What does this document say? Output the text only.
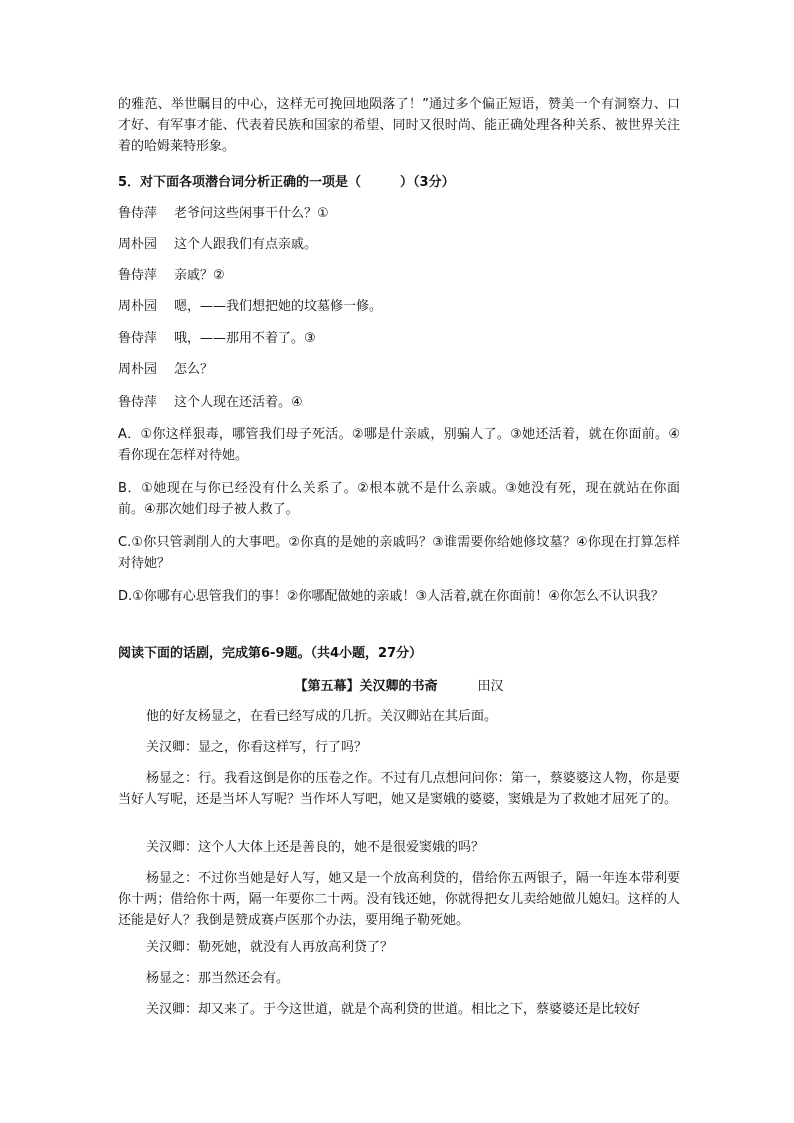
的雅范、举世瞩目的中心，这样无可挽回地陨落了！”通过多个偏正短语，赞美一个有洞察力、口才好、有军事才能、代表着民族和国家的希望、同时又很时尚、能正确处理各种关系、被世界关注着的哈姆莱特形象。
5．对下面各项潜台词分析正确的一项是（　　　）（3分）
鲁侍萍 老爷问这些闲事干什么？①
周朴园 这个人跟我们有点亲戚。
鲁侍萍 亲戚？②
周朴园 嗯，——我们想把她的坟墓修一修。
鲁侍萍 哦，——那用不着了。③
周朴园 怎么？
鲁侍萍 这个人现在还活着。④
A．①你这样狠毒，哪管我们母子死活。②哪是什亲戚，别骗人了。③她还活着，就在你面前。④看你现在怎样对待她。
B．①她现在与你已经没有什么关系了。②根本就不是什么亲戚。③她没有死，现在就站在你面前。④那次她们母子被人救了。
C.①你只管剥削人的大事吧。②你真的是她的亲戚吗？③谁需要你给她修坟墓？④你现在打算怎样对待她？
D.①你哪有心思管我们的事！②你哪配做她的亲戚！③人活着,就在你面前！④你怎么不认识我？
阅读下面的话剧，完成第6-9题。（共4小题，27分）
【第五幕】关汉卿的书斋	田汉
他的好友杨显之，在看已经写成的几折。关汉卿站在其后面。
关汉卿：显之，你看这样写，行了吗？
杨显之：行。我看这倒是你的压卷之作。不过有几点想问问你：第一，蔡婆婆这人物，你是要当好人写呢，还是当坏人写呢？当作坏人写吧，她又是窦娥的婆婆，窦娥是为了救她才屈死了的。
关汉卿：这个人大体上还是善良的，她不是很爱窦娥的吗？
杨显之：不过你当她是好人写，她又是一个放高利贷的，借给你五两银子，隔一年连本带利要你十两；借给你十两，隔一年要你二十两。没有钱还她，你就得把女儿卖给她做儿媳妇。这样的人还能是好人？我倒是赞成赛卢医那个办法，要用绳子勒死她。
关汉卿：勒死她，就没有人再放高利贷了？
杨显之：那当然还会有。
关汉卿：却又来了。于今这世道，就是个高利贷的世道。相比之下，蔡婆婆还是比较好
